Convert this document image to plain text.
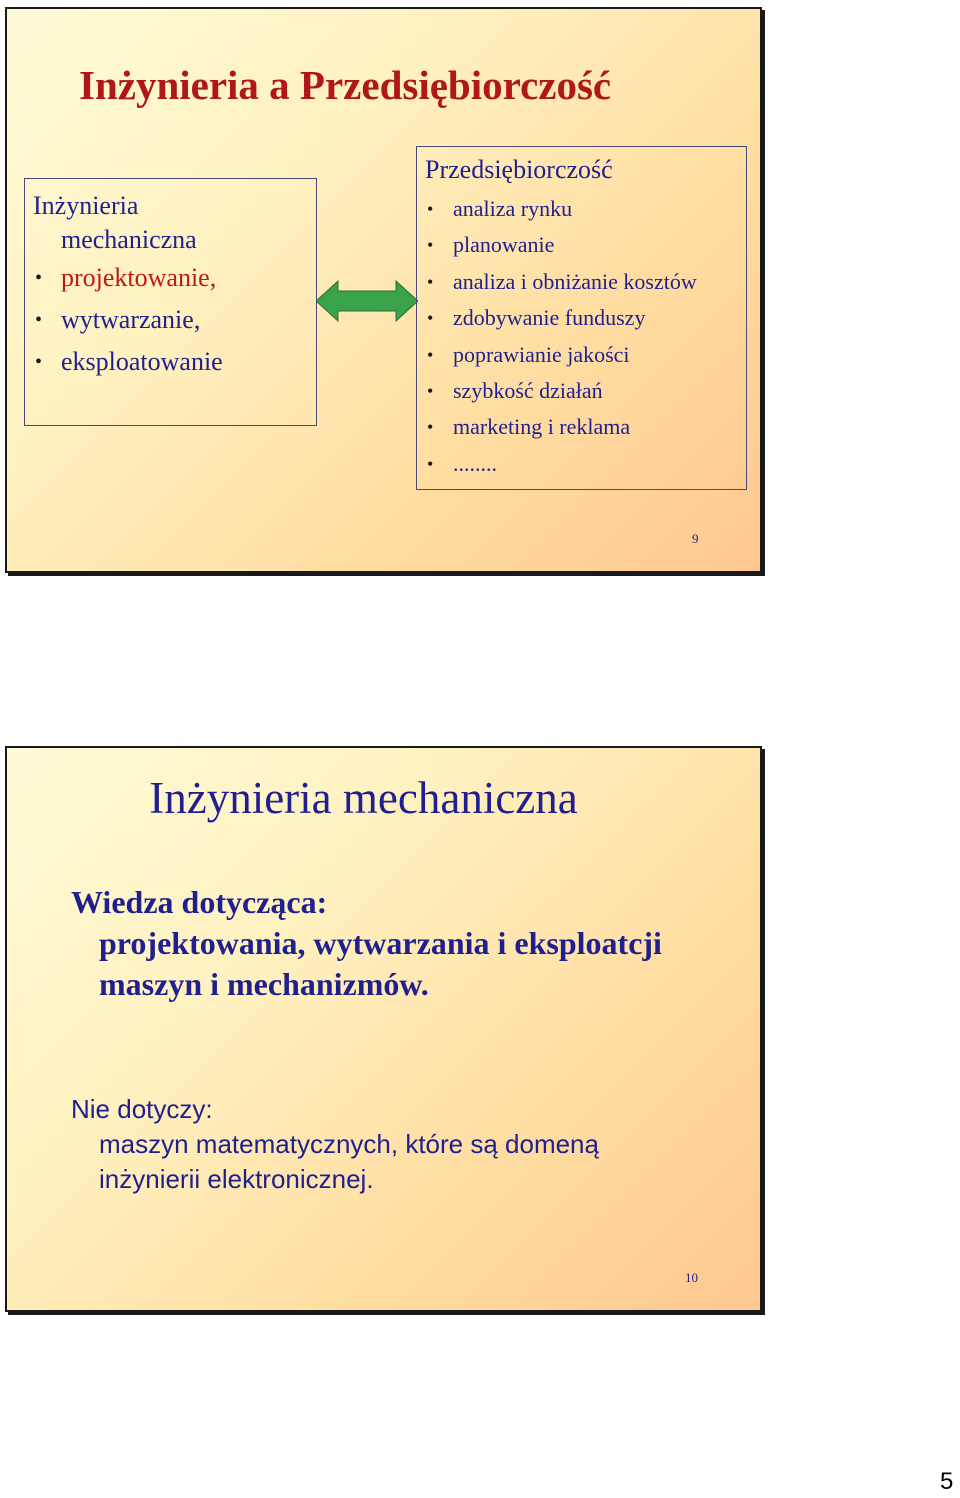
Inżynieria a Przedsiębiorczość
Inżynieria
mechaniczna
• projektowanie,
• wytwarzanie,
• eksploatowanie
Przedsiębiorczość
• analiza rynku
• planowanie
• analiza i obniżanie kosztów
• zdobywanie funduszy
• poprawianie jakości
• szybkość działań
• marketing i reklama
• ........
9
Inżynieria mechaniczna
Wiedza dotycząca:
projektowania, wytwarzania i eksploatcji
maszyn i mechanizmów.
Nie dotyczy:
maszyn matematycznych, które są domeną
inżynierii elektronicznej.
10
5
